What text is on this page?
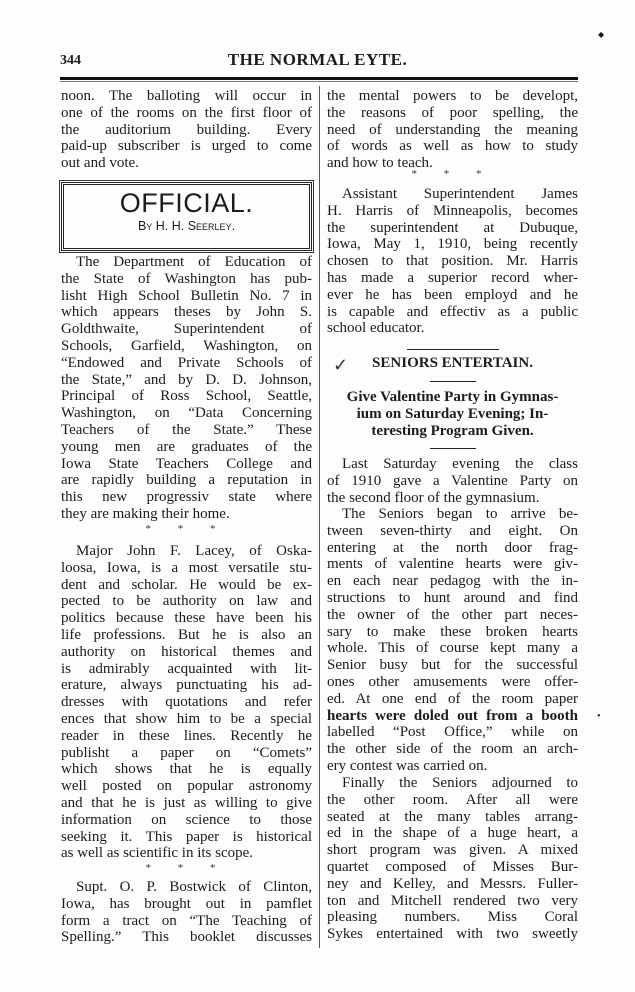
◆
344	THE NORMAL EYTE.
noon. The balloting will occur in
one of the rooms on the first floor of
the auditorium building. Every
paid-up subscriber is urged to come
out and vote.
OFFICIAL.
By H. H. Seerley.
The Department of Education of
the State of Washington has pub-
lisht High School Bulletin No. 7 in
which appears theses by John S.
Goldthwaite, Superintendent of
Schools, Garfield, Washington, on
“Endowed and Private Schools of
the State,” and by D. D. Johnson,
Principal of Ross School, Seattle,
Washington, on “Data Concerning
Teachers of the State.” These
young men are graduates of the
Iowa State Teachers College and
are rapidly building a reputation in
this new progressiv state where
they are making their home.
* * *
Major John F. Lacey, of Oska-
loosa, Iowa, is a most versatile stu-
dent and scholar. He would be ex-
pected to be authority on law and
politics because these have been his
life professions. But he is also an
authority on historical themes and
is admirably acquainted with lit-
erature, always punctuating his ad-
dresses with quotations and refer
ences that show him to be a special
reader in these lines. Recently he
publisht a paper on “Comets”
which shows that he is equally
well posted on popular astronomy
and that he is just as willing to give
information on science to those
seeking it. This paper is historical
as well as scientific in its scope.
* * *
Supt. O. P. Bostwick of Clinton,
Iowa, has brought out in pamflet
form a tract on “The Teaching of
Spelling.” This booklet discusses
the mental powers to be developt,
the reasons of poor spelling, the
need of understanding the meaning
of words as well as how to study
and how to teach.
* * *
Assistant Superintendent James
H. Harris of Minneapolis, becomes
the superintendent at Dubuque,
Iowa, May 1, 1910, being recently
chosen to that position. Mr. Harris
has made a superior record wher-
ever he has been employd and he
is capable and effectiv as a public
school educator.
✓	SENIORS ENTERTAIN.
Give Valentine Party in Gymnas-
ium on Saturday Evening; In-
teresting Program Given.
Last Saturday evening the class
of 1910 gave a Valentine Party on
the second floor of the gymnasium.
The Seniors began to arrive be-
tween seven-thirty and eight. On
entering at the north door frag-
ments of valentine hearts were giv-
en each near pedagog with the in-
structions to hunt around and find
the owner of the other part neces-
sary to make these broken hearts
whole. This of course kept many a
Senior busy but for the successful
ones other amusements were offer-
ed. At one end of the room paper
hearts were doled out from a booth
labelled “Post Office,” while on
the other side of the room an arch-
ery contest was carried on.
Finally the Seniors adjourned to
the other room. After all were
seated at the many tables arrang-
ed in the shape of a huge heart, a
short program was given. A mixed
quartet composed of Misses Bur-
ney and Kelley, and Messrs. Fuller-
ton and Mitchell rendered two very
pleasing numbers. Miss Coral
Sykes entertained with two sweetly
•
